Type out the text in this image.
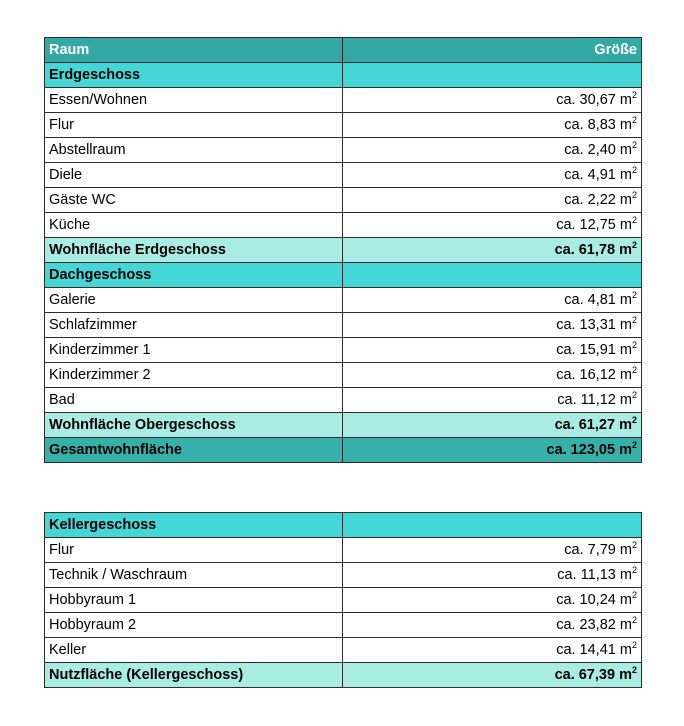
Raum	Größe
Erdgeschoss	
Essen/Wohnen	ca. 30,67 $m^2$
Flur	ca. 8,83 $m^2$
Abstellraum	ca. 2,40 $m^2$
Diele	ca. 4,91 $m^2$
Gäste WC	ca. 2,22 $m^2$
Küche	ca. 12,75 $m^2$
Wohnfläche Erdgeschoss	ca. 61,78 $m^2$
Dachgeschoss	
Galerie	ca. 4,81 $m^2$
Schlafzimmer	ca. 13,31 $m^2$
Kinderzimmer 1	ca. 15,91 $m^2$
Kinderzimmer 2	ca. 16,12 $m^2$
Bad	ca. 11,12 $m^2$
Wohnfläche Obergeschoss	ca. 61,27 $m^2$
Gesamtwohnfläche	ca. 123,05 $m^2$
Kellergeschoss	
Flur	ca. 7,79 $m^2$
Technik / Waschraum	ca. 11,13 $m^2$
Hobbyraum 1	ca. 10,24 $m^2$
Hobbyraum 2	ca. 23,82 $m^2$
Keller	ca. 14,41 $m^2$
Nutzfläche (Kellergeschoss)	ca. 67,39 $m^2$
